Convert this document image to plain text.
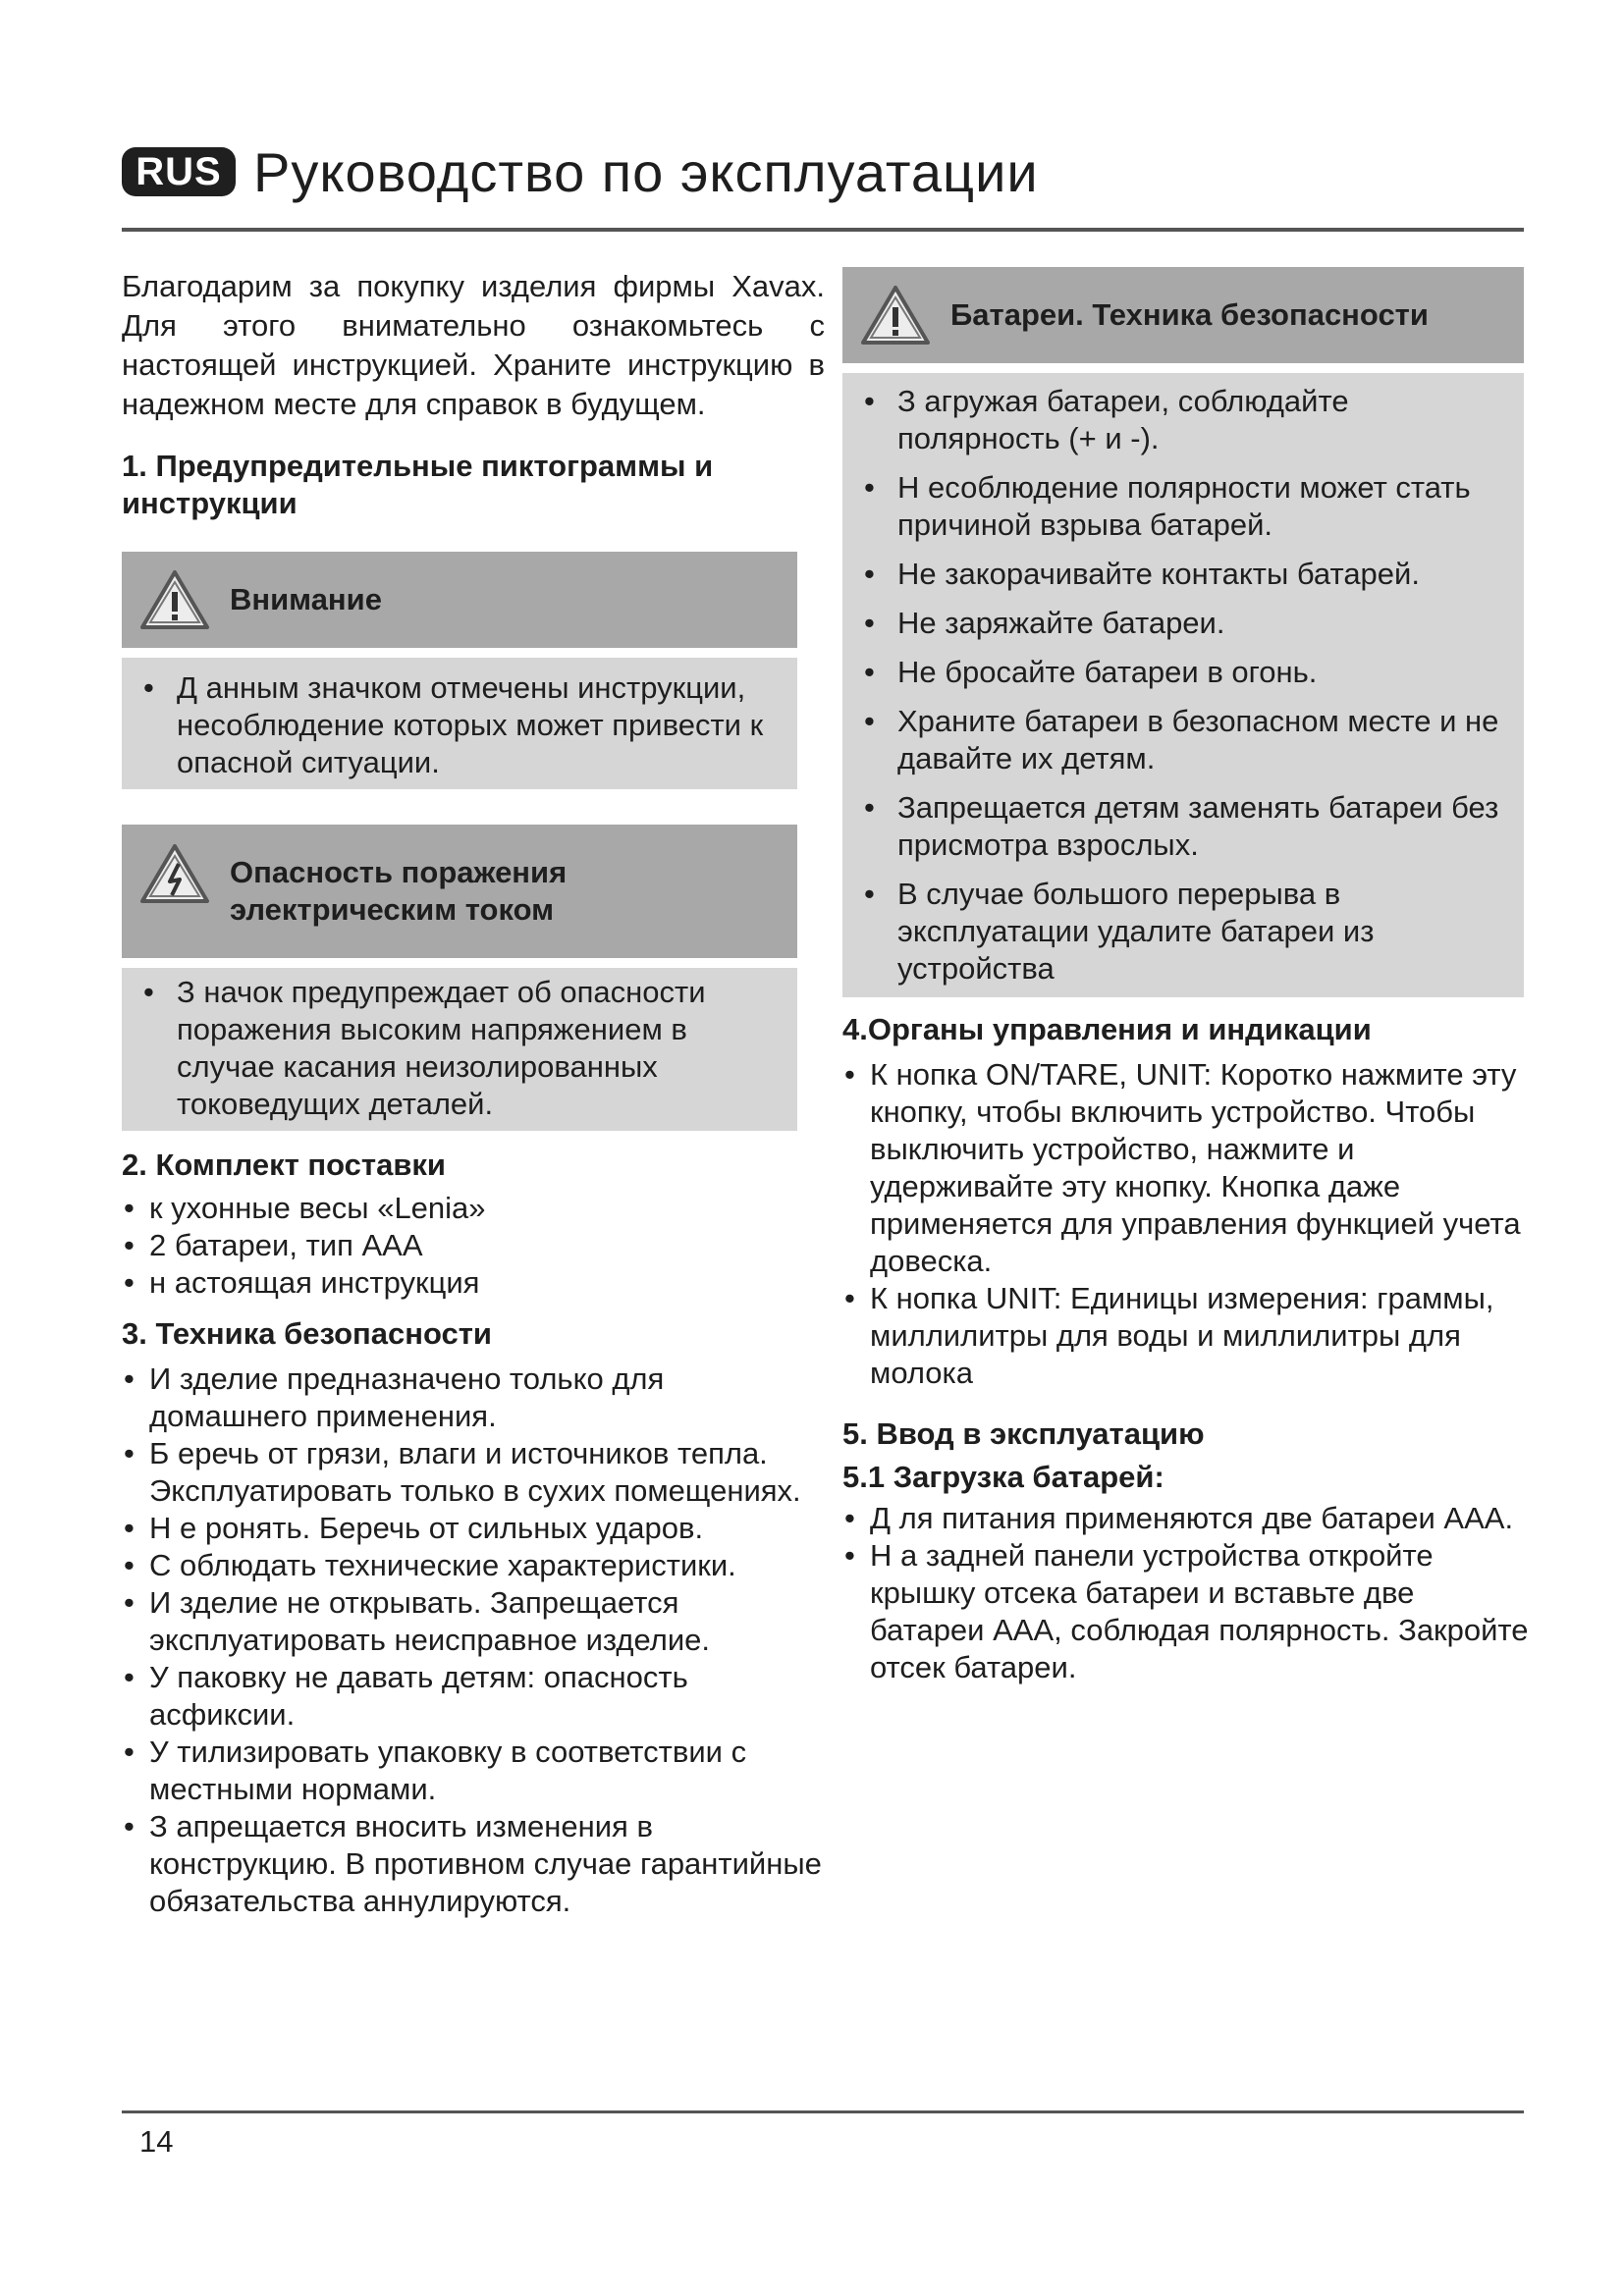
RUS Руководство по эксплуатации

Благодарим за покупку изделия фирмы Xavax. Для этого внимательно ознакомьтесь с настоящей инструкцией. Храните инструкцию в надежном месте для справок в будущем.

1. Предупредительные пиктограммы и инструкции
Внимание
• Д анным значком отмечены инструкции, несоблюдение которых может привести к опасной ситуации.
Опасность поражения
электрическим током
• З начок предупреждает об опасности поражения высоким напряжением в случае касания неизолированных токоведущих деталей.
2. Комплект поставки
• к ухонные весы «Lenia»
• 2 батареи, тип AAA
• н астоящая инструкция
3. Техника безопасности
• И зделие предназначено только для домашнего применения.
• Б еречь от грязи, влаги и источников тепла. Эксплуатировать только в сухих помещениях.
• Н е ронять. Беречь от сильных ударов.
• С облюдать технические характеристики.
• И зделие не открывать. Запрещается эксплуатировать неисправное изделие.
• У паковку не давать детям: опасность асфиксии.
• У тилизировать упаковку в соответствии с местными нормами.
• З апрещается вносить изменения в конструкцию. В противном случае гарантийные обязательства аннулируются.
Батареи. Техника безопасности
• З агружая батареи, соблюдайте полярность (+ и -).
• Н есоблюдение полярности может стать причиной взрыва батарей.
• Не закорачивайте контакты батарей.
• Не заряжайте батареи.
• Не бросайте батареи в огонь.
• Храните батареи в безопасном месте и не давайте их детям.
• Запрещается детям заменять батареи без присмотра взрослых.
• В случае большого перерыва в эксплуатации удалите батареи из устройства
4.Органы управления и индикации
• К нопка ON/TARE, UNIT: Коротко нажмите эту кнопку, чтобы включить устройство. Чтобы выключить устройство, нажмите и удерживайте эту кнопку. Кнопка даже применяется для управления функцией учета довеска.
• К нопка UNIT: Единицы измерения: граммы, миллилитры для воды и миллилитры для молока
5. Ввод в эксплуатацию
5.1 Загрузка батарей:
• Д ля питания применяются две батареи AAA.
• Н а задней панели устройства откройте крышку отсека батареи и вставьте две батареи AAA, соблюдая полярность. Закройте отсек батареи.
14
